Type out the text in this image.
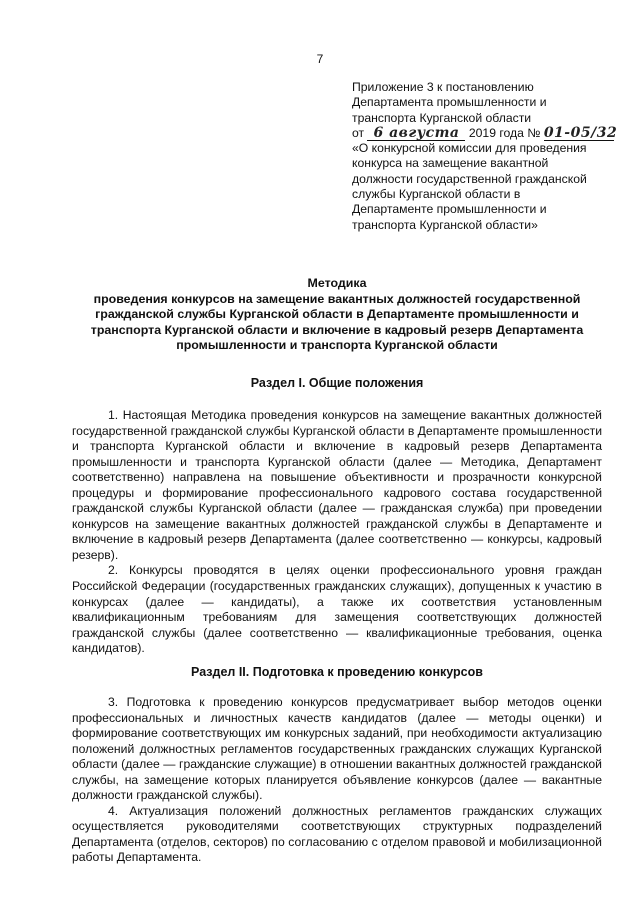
7
Приложение 3 к постановлению
Департамента промышленности и
транспорта Курганской области
от 6 августа 2019 года № 01-05/32
«О конкурсной комиссии для проведения
конкурса на замещение вакантной
должности государственной гражданской
службы Курганской области в
Департаменте промышленности и
транспорта Курганской области»
Методика
проведения конкурсов на замещение вакантных должностей государственной
гражданской службы Курганской области в Департаменте промышленности и
транспорта Курганской области и включение в кадровый резерв Департамента
промышленности и транспорта Курганской области
Раздел I. Общие положения

1. Настоящая Методика проведения конкурсов на замещение вакантных должностей государственной гражданской службы Курганской области в Департаменте промышленности и транспорта Курганской области и включение в кадровый резерв Департамента промышленности и транспорта Курганской области (далее — Методика, Департамент соответственно) направлена на повышение объективности и прозрачности конкурсной процедуры и формирование профессионального кадрового состава государственной гражданской службы Курганской области (далее — гражданская служба) при проведении конкурсов на замещение вакантных должностей гражданской службы в Департаменте и включение в кадровый резерв Департамента (далее соответственно — конкурсы, кадровый резерв).

2. Конкурсы проводятся в целях оценки профессионального уровня граждан Российской Федерации (государственных гражданских служащих), допущенных к участию в конкурсах (далее — кандидаты), а также их соответствия установленным квалификационным требованиям для замещения соответствующих должностей гражданской службы (далее соответственно — квалификационные требования, оценка кандидатов).

Раздел II. Подготовка к проведению конкурсов

3. Подготовка к проведению конкурсов предусматривает выбор методов оценки профессиональных и личностных качеств кандидатов (далее — методы оценки) и формирование соответствующих им конкурсных заданий, при необходимости актуализацию положений должностных регламентов государственных гражданских служащих Курганской области (далее — гражданские служащие) в отношении вакантных должностей гражданской службы, на замещение которых планируется объявление конкурсов (далее — вакантные должности гражданской службы).

4. Актуализация положений должностных регламентов гражданских служащих осуществляется руководителями соответствующих структурных подразделений Департамента (отделов, секторов) по согласованию с отделом правовой и мобилизационной работы Департамента.
